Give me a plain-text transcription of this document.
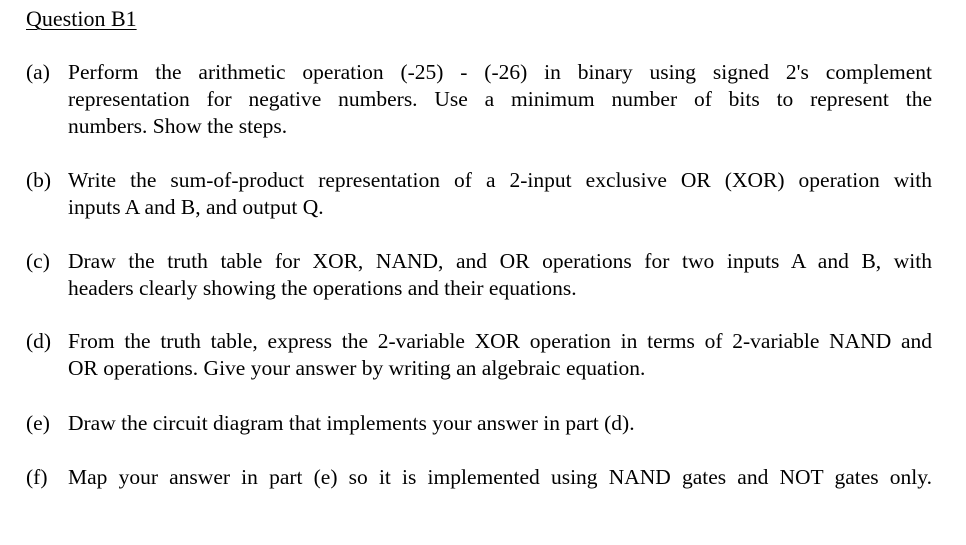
Question B1
(a) Perform the arithmetic operation (-25) - (-26) in binary using signed 2's complement
representation for negative numbers. Use a minimum number of bits to represent the
numbers. Show the steps.
(b) Write the sum-of-product representation of a 2-input exclusive OR (XOR) operation with
inputs A and B, and output Q.
(c) Draw the truth table for XOR, NAND, and OR operations for two inputs A and B, with
headers clearly showing the operations and their equations.
(d) From the truth table, express the 2-variable XOR operation in terms of 2-variable NAND and
OR operations. Give your answer by writing an algebraic equation.
(e) Draw the circuit diagram that implements your answer in part (d).
(f) Map your answer in part (e) so it is implemented using NAND gates and NOT gates only.
